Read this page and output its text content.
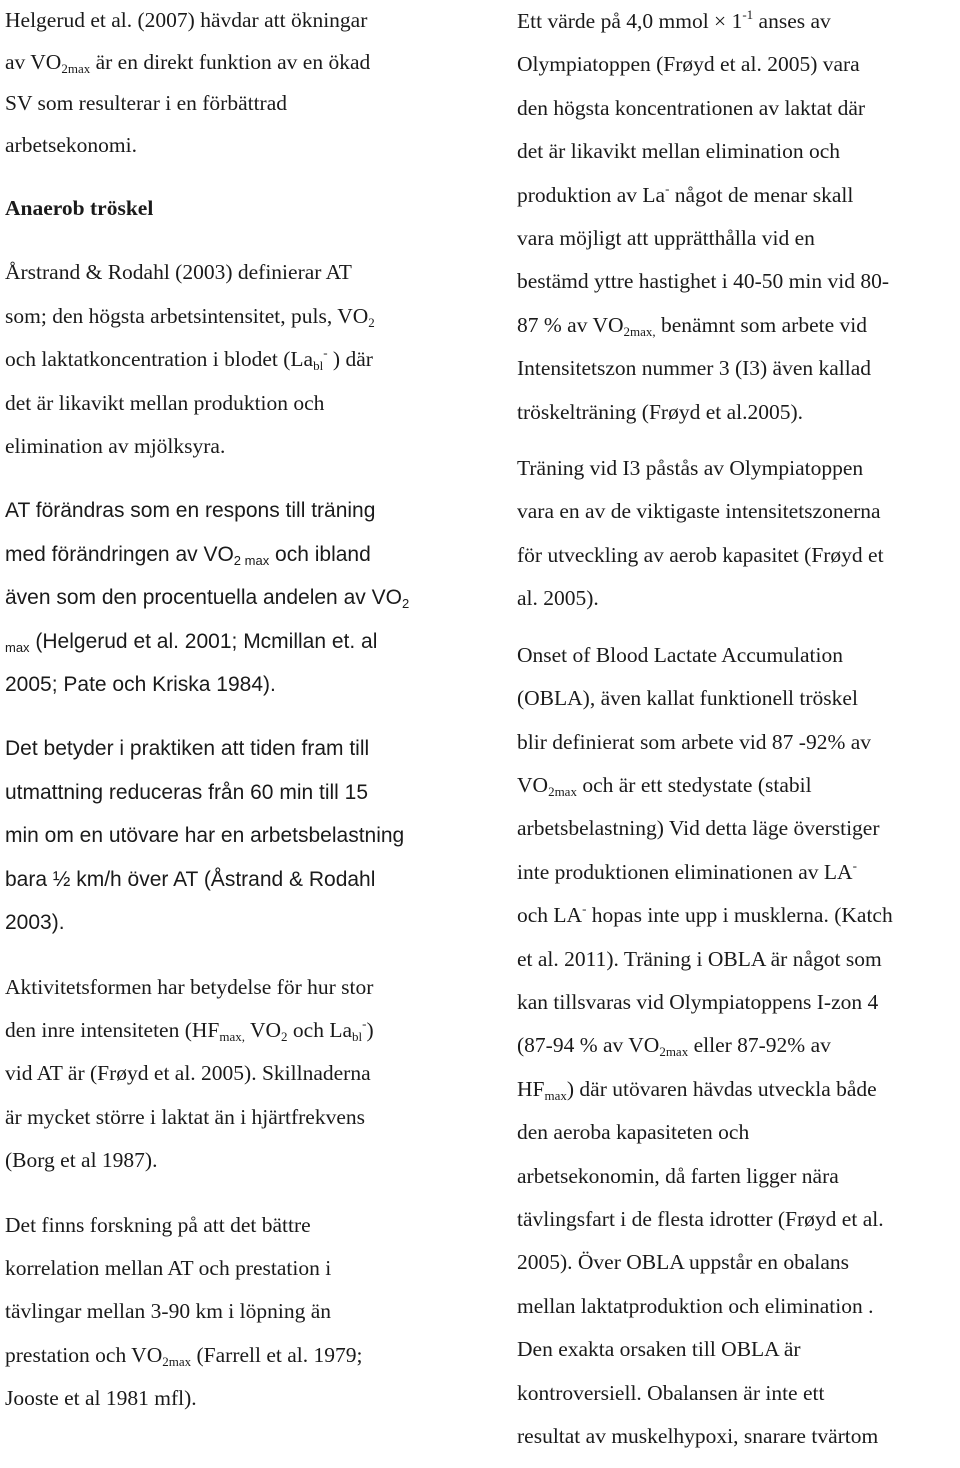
Helgerud et al. (2007) hävdar att ökningar
av $VO_{2max}$ är en direkt funktion av en ökad
SV som resulterar i en förbättrad
arbetsekonomi.
Anaerob tröskel
Årstrand & Rodahl (2003) definierar AT
som; den högsta arbetsintensitet, puls, $VO_2$
och laktatkoncentration i blodet ($La_{bl}^-$ ) där
det är likavikt mellan produktion och
elimination av mjölksyra.
AT förändras som en respons till träning
med förändringen av $VO_{2 max}$ och ibland
även som den procentuella andelen av $VO_2$
$_{max}$ (Helgerud et al. 2001; Mcmillan et. al
2005; Pate och Kriska 1984).
Det betyder i praktiken att tiden fram till
utmattning reduceras från 60 min till 15
min om en utövare har en arbetsbelastning
bara ½ km/h över AT (Åstrand & Rodahl
2003).
Aktivitetsformen har betydelse för hur stor
den inre intensiteten ($HF_{max,}$ $VO_2$ och $La_{bl}^-$)
vid AT är (Frøyd et al. 2005). Skillnaderna
är mycket större i laktat än i hjärtfrekvens
(Borg et al 1987).
Det finns forskning på att det bättre
korrelation mellan AT och prestation i
tävlingar mellan 3-90 km i löpning än
prestation och $VO_{2max}$ (Farrell et al. 1979;
Jooste et al 1981 mfl).
Ett värde på 4,0 mmol × $1^{-1}$ anses av
Olympiatoppen (Frøyd et al. 2005) vara
den högsta koncentrationen av laktat där
det är likavikt mellan elimination och
produktion av La- något de menar skall
vara möjligt att upprätthålla vid en
bestämd yttre hastighet i 40-50 min vid 80-
87 % av $VO_{2max,}$ benämnt som arbete vid
Intensitetszon nummer 3 (I3) även kallad
tröskelträning (Frøyd et al.2005).
Träning vid I3 påstås av Olympiatoppen
vara en av de viktigaste intensitetszonerna
för utveckling av aerob kapasitet (Frøyd et
al. 2005).
Onset of Blood Lactate Accumulation
(OBLA), även kallat funktionell tröskel
blir definierat som arbete vid 87 -92% av
$VO_{2max}$ och är ett stedystate (stabil
arbetsbelastning) Vid detta läge överstiger
inte produktionen eliminationen av LA-
och LA- hopas inte upp i musklerna. (Katch
et al. 2011). Träning i OBLA är något som
kan tillsvaras vid Olympiatoppens I-zon 4
(87-94 % av $VO_{2max}$ eller 87-92% av
$HF_{max}$) där utövaren hävdas utveckla både
den aeroba kapasiteten och
arbetsekonomin, då farten ligger nära
tävlingsfart i de flesta idrotter (Frøyd et al.
2005). Över OBLA uppstår en obalans
mellan laktatproduktion och elimination .
Den exakta orsaken till OBLA är
kontroversiell. Obalansen är inte ett
resultat av muskelhypoxi, snarare tvärtom
